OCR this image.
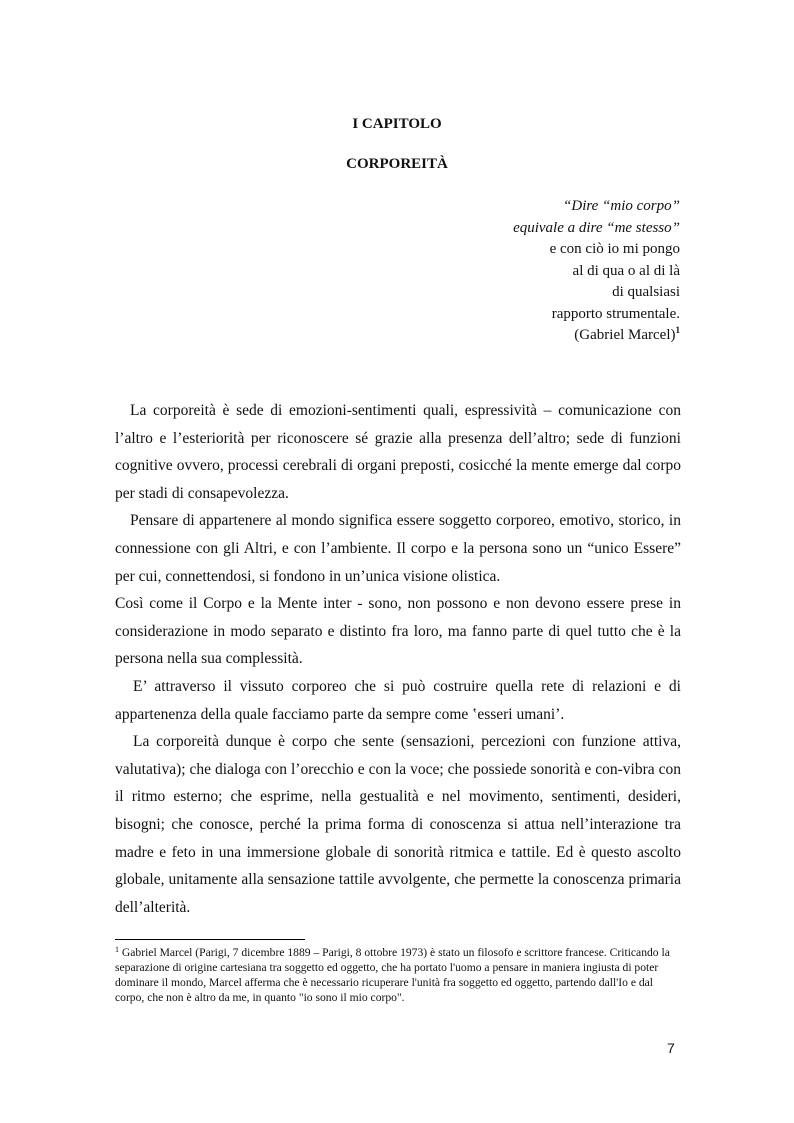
I CAPITOLO
CORPOREITÀ
“Dire “mio corpo”
equivale a dire “me stesso”
e con ciò io mi pongo
al di qua o al di là
di qualsiasi
rapporto strumentale.
(Gabriel Marcel)$^1$

La corporeità è sede di emozioni-sentimenti quali, espressività – comunicazione con l’altro e l’esteriorità per riconoscere sé grazie alla presenza dell’altro; sede di funzioni cognitive ovvero, processi cerebrali di organi preposti, cosicché la mente emerge dal corpo per stadi di consapevolezza.

Pensare di appartenere al mondo significa essere soggetto corporeo, emotivo, storico, in connessione con gli Altri, e con l’ambiente. Il corpo e la persona sono un “unico Essere” per cui, connettendosi, si fondono in un’unica visione olistica.

Così come il Corpo e la Mente inter - sono, non possono e non devono essere prese in considerazione in modo separato e distinto fra loro, ma fanno parte di quel tutto che è la persona nella sua complessità.

E’ attraverso il vissuto corporeo che si può costruire quella rete di relazioni e di appartenenza della quale facciamo parte da sempre come ‛esseri umani’.

La corporeità dunque è corpo che sente (sensazioni, percezioni con funzione attiva, valutativa); che dialoga con l’orecchio e con la voce; che possiede sonorità e con-vibra con il ritmo esterno; che esprime, nella gestualità e nel movimento, sentimenti, desideri, bisogni; che conosce, perché la prima forma di conoscenza si attua nell’interazione tra madre e feto in una immersione globale di sonorità ritmica e tattile. Ed è questo ascolto globale, unitamente alla sensazione tattile avvolgente, che permette la conoscenza primaria dell’alterità.

$^1$ Gabriel Marcel (Parigi, 7 dicembre 1889 – Parigi, 8 ottobre 1973) è stato un filosofo e scrittore francese. Criticando la separazione di origine cartesiana tra soggetto ed oggetto, che ha portato l'uomo a pensare in maniera ingiusta di poter dominare il mondo, Marcel afferma che è necessario ricuperare l'unità fra soggetto ed oggetto, partendo dall'Io e dal corpo, che non è altro da me, in quanto "io sono il mio corpo".

7
